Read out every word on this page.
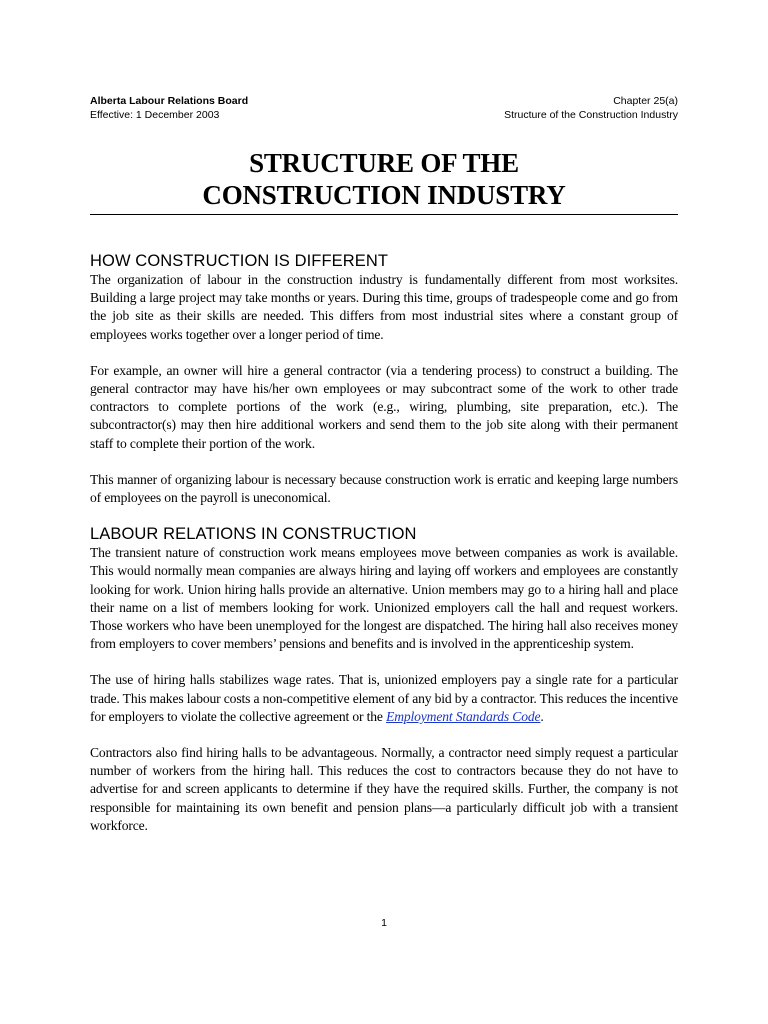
Alberta Labour Relations Board
Effective: 1 December 2003
Chapter 25(a)
Structure of the Construction Industry
STRUCTURE OF THE
CONSTRUCTION INDUSTRY
HOW CONSTRUCTION IS DIFFERENT

The organization of labour in the construction industry is fundamentally different from most worksites. Building a large project may take months or years. During this time, groups of tradespeople come and go from the job site as their skills are needed. This differs from most industrial sites where a constant group of employees works together over a longer period of time.

For example, an owner will hire a general contractor (via a tendering process) to construct a building. The general contractor may have his/her own employees or may subcontract some of the work to other trade contractors to complete portions of the work (e.g., wiring, plumbing, site preparation, etc.). The subcontractor(s) may then hire additional workers and send them to the job site along with their permanent staff to complete their portion of the work.

This manner of organizing labour is necessary because construction work is erratic and keeping large numbers of employees on the payroll is uneconomical.

LABOUR RELATIONS IN CONSTRUCTION

The transient nature of construction work means employees move between companies as work is available. This would normally mean companies are always hiring and laying off workers and employees are constantly looking for work. Union hiring halls provide an alternative. Union members may go to a hiring hall and place their name on a list of members looking for work. Unionized employers call the hall and request workers. Those workers who have been unemployed for the longest are dispatched. The hiring hall also receives money from employers to cover members’ pensions and benefits and is involved in the apprenticeship system.

The use of hiring halls stabilizes wage rates. That is, unionized employers pay a single rate for a particular trade. This makes labour costs a non-competitive element of any bid by a contractor. This reduces the incentive for employers to violate the collective agreement or the Employment Standards Code.

Contractors also find hiring halls to be advantageous. Normally, a contractor need simply request a particular number of workers from the hiring hall. This reduces the cost to contractors because they do not have to advertise for and screen applicants to determine if they have the required skills. Further, the company is not responsible for maintaining its own benefit and pension plans—a particularly difficult job with a transient workforce.

1
